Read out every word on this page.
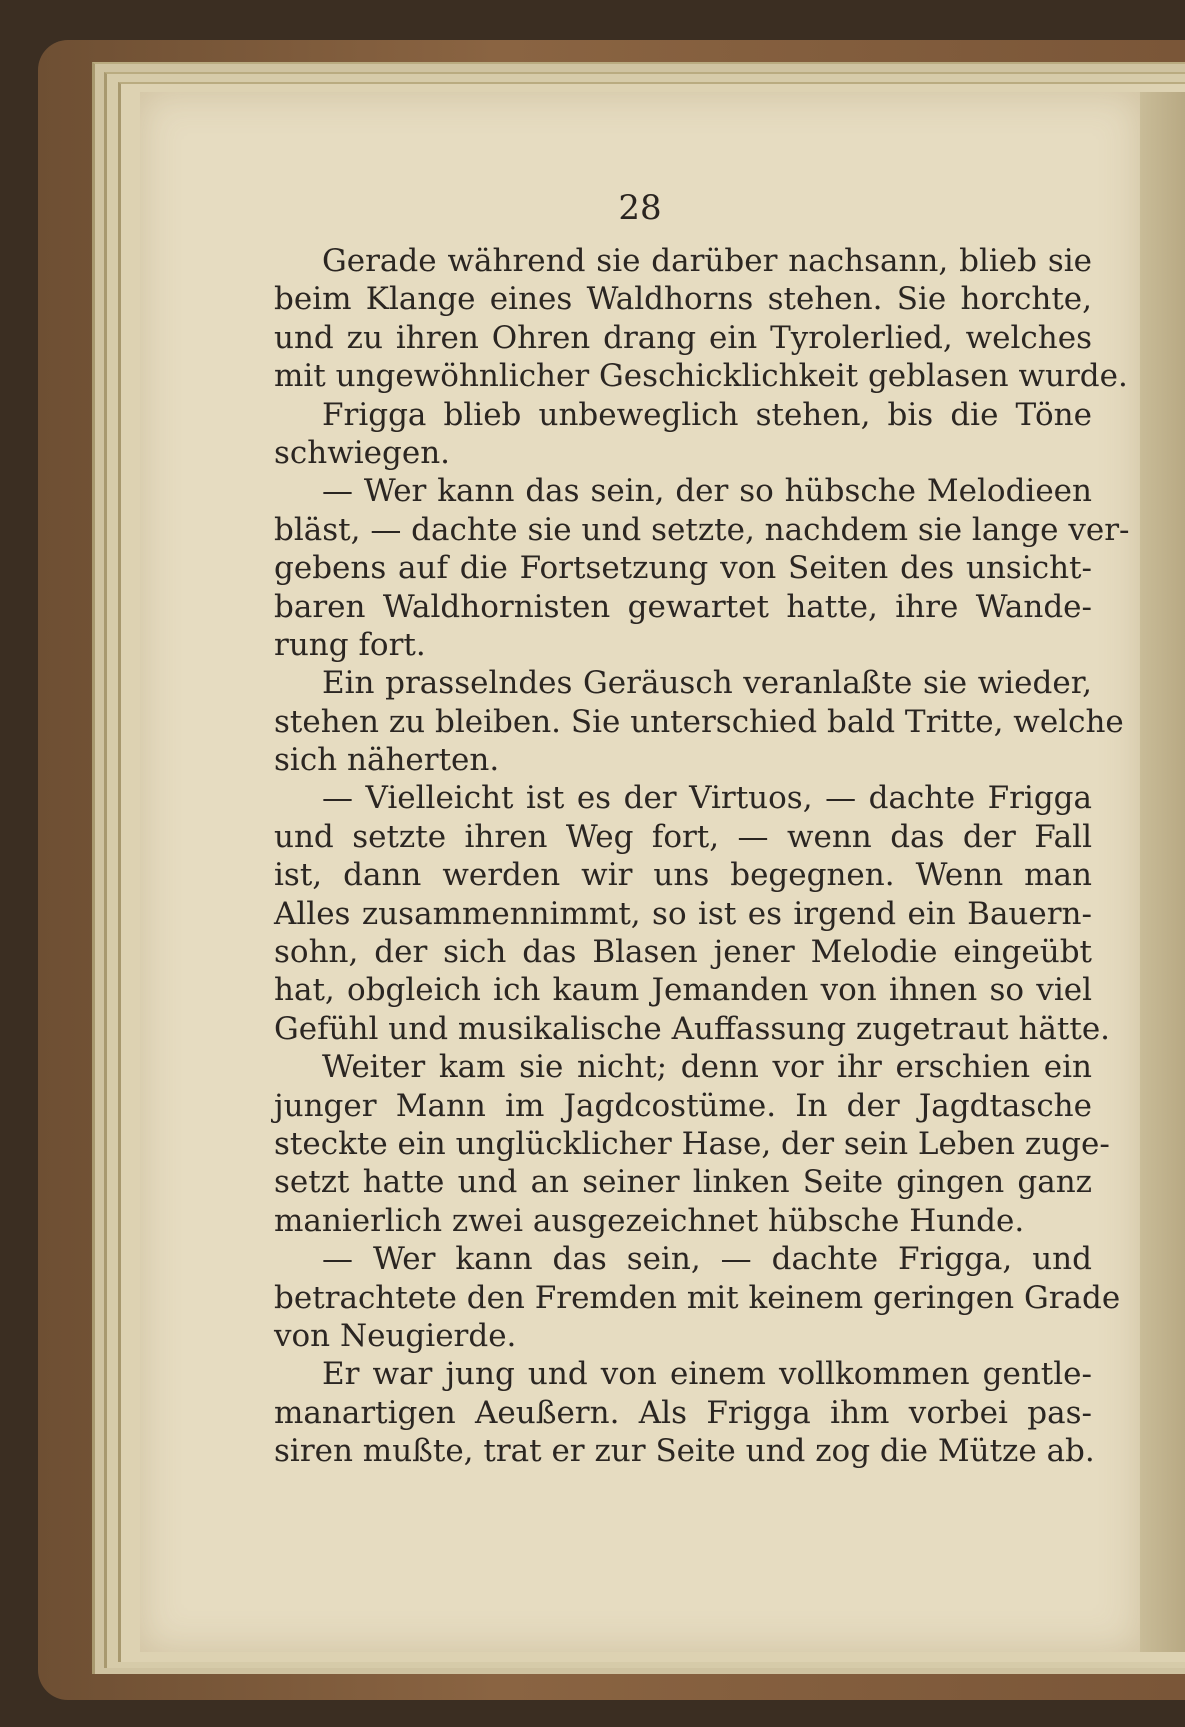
28
Gerade während sie darüber nachsann, blieb sie
beim Klange eines Waldhorns stehen. Sie horchte,
und zu ihren Ohren drang ein Tyrolerlied, welches
mit ungewöhnlicher Geschicklichkeit geblasen wurde.
Frigga blieb unbeweglich stehen, bis die Töne
schwiegen.
— Wer kann das sein, der so hübsche Melodieen
bläst, — dachte sie und setzte, nachdem sie lange ver-
gebens auf die Fortsetzung von Seiten des unsicht-
baren Waldhornisten gewartet hatte, ihre Wande-
rung fort.
Ein prasselndes Geräusch veranlaßte sie wieder,
stehen zu bleiben. Sie unterschied bald Tritte, welche
sich näherten.
— Vielleicht ist es der Virtuos, — dachte Frigga
und setzte ihren Weg fort, — wenn das der Fall
ist, dann werden wir uns begegnen. Wenn man
Alles zusammennimmt, so ist es irgend ein Bauern-
sohn, der sich das Blasen jener Melodie eingeübt
hat, obgleich ich kaum Jemanden von ihnen so viel
Gefühl und musikalische Auffassung zugetraut hätte.
Weiter kam sie nicht; denn vor ihr erschien ein
junger Mann im Jagdcostüme. In der Jagdtasche
steckte ein unglücklicher Hase, der sein Leben zuge-
setzt hatte und an seiner linken Seite gingen ganz
manierlich zwei ausgezeichnet hübsche Hunde.
— Wer kann das sein, — dachte Frigga, und
betrachtete den Fremden mit keinem geringen Grade
von Neugierde.
Er war jung und von einem vollkommen gentle-
manartigen Aeußern. Als Frigga ihm vorbei pas-
siren mußte, trat er zur Seite und zog die Mütze ab.
